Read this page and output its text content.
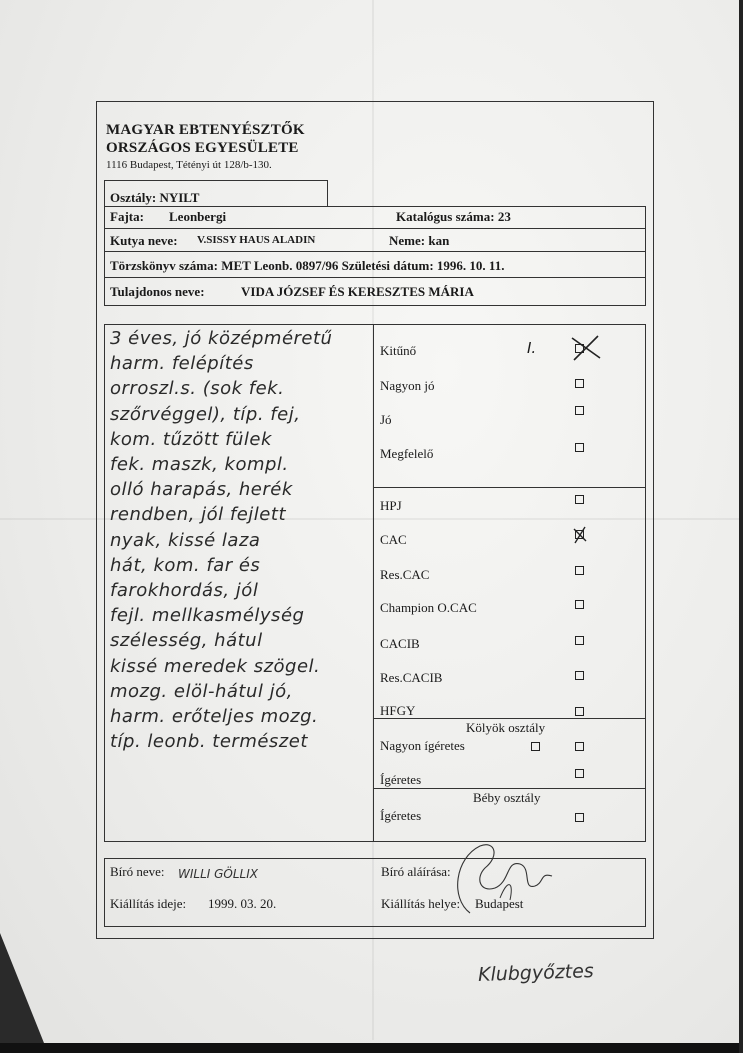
MAGYAR EBTENYÉSZTŐK
ORSZÁGOS EGYESÜLETE
1116 Budapest, Tétényi út 128/b-130.
Osztály: NYILT
Fajta: Leonbergi	Katalógus száma: 23
Kutya neve: V.SISSY HAUS ALADIN	Neme: kan
Törzskönyv száma: MET Leonb. 0897/96 Születési dátum: 1996. 10. 11.
Tulajdonos neve:	VIDA JÓZSEF ÉS KERESZTES MÁRIA
3 éves, jó középméretű
harm. felépítés
orroszl.s. (sok fek.
szőrvéggel), típ. fej,
kom. tűzött fülek
fek. maszk, kompl.
olló harapás, herék
rendben, jól fejlett
nyak, kissé laza
hát, kom. far és
farokhordás, jól
fejl. mellkasmélység
szélesség, hátul
kissé meredek szögel.
mozg. elöl-hátul jó,
harm. erőteljes mozg.
típ. leonb. természet
Kitűnő	I.
Nagyon jó
Jó
Megfelelő
HPJ
CAC
Res.CAC
Champion O.CAC
CACIB
Res.CACIB
HFGY
Kölyök osztály
Nagyon ígéretes
Ígéretes
Béby osztály
Ígéretes
Bíró neve: WILLI GÖLLIX	Bíró aláírása:
Kiállítás ideje: 1999. 03. 20.	Kiállítás helye: Budapest
Klubgyőztes
